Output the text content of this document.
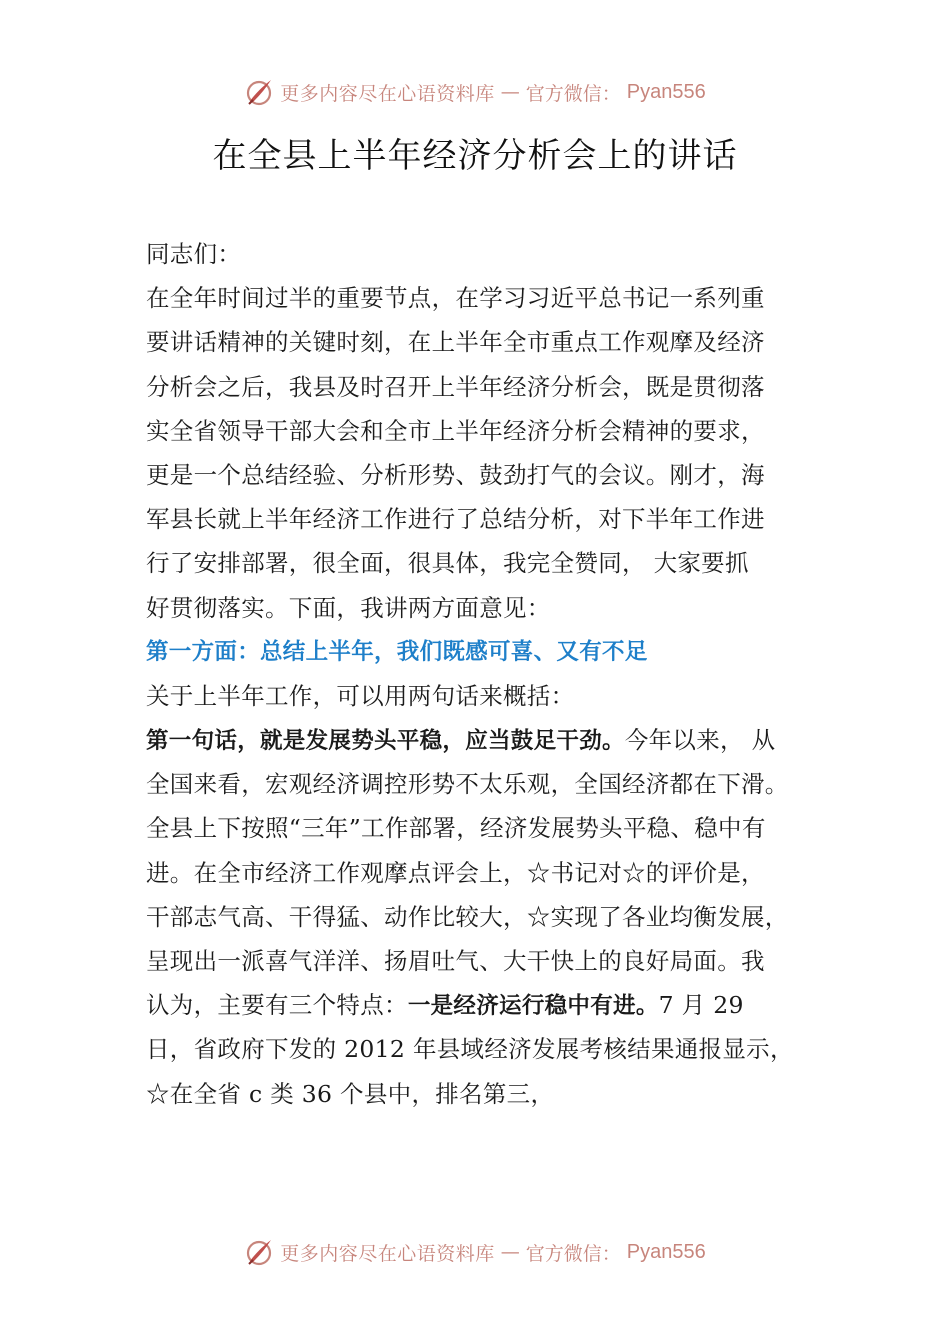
更多内容尽在心语资料库 — 官方微信： Pyan556
在全县上半年经济分析会上的讲话
同志们：
在全年时间过半的重要节点，在学习习近平总书记一系列重
要讲话精神的关键时刻，在上半年全市重点工作观摩及经济
分析会之后，我县及时召开上半年经济分析会，既是贯彻落
实全省领导干部大会和全市上半年经济分析会精神的要求，
更是一个总结经验、分析形势、鼓劲打气的会议。刚才，海
军县长就上半年经济工作进行了总结分析，对下半年工作进
行了安排部署，很全面，很具体，我完全赞同， 大家要抓
好贯彻落实。下面，我讲两方面意见：
第一方面：总结上半年，我们既感可喜、又有不足
关于上半年工作，可以用两句话来概括：
第一句话，就是发展势头平稳，应当鼓足干劲。今年以来， 从
全国来看，宏观经济调控形势不太乐观，全国经济都在下滑。
全县上下按照“三年”工作部署，经济发展势头平稳、稳中有
进。在全市经济工作观摩点评会上，☆书记对☆的评价是，
干部志气高、干得猛、动作比较大，☆实现了各业均衡发展，
呈现出一派喜气洋洋、扬眉吐气、大干快上的良好局面。我
认为，主要有三个特点：一是经济运行稳中有进。7 月 29
日，省政府下发的 2012 年县域经济发展考核结果通报显示，
☆在全省 c 类 36 个县中，排名第三，
更多内容尽在心语资料库 — 官方微信： Pyan556
